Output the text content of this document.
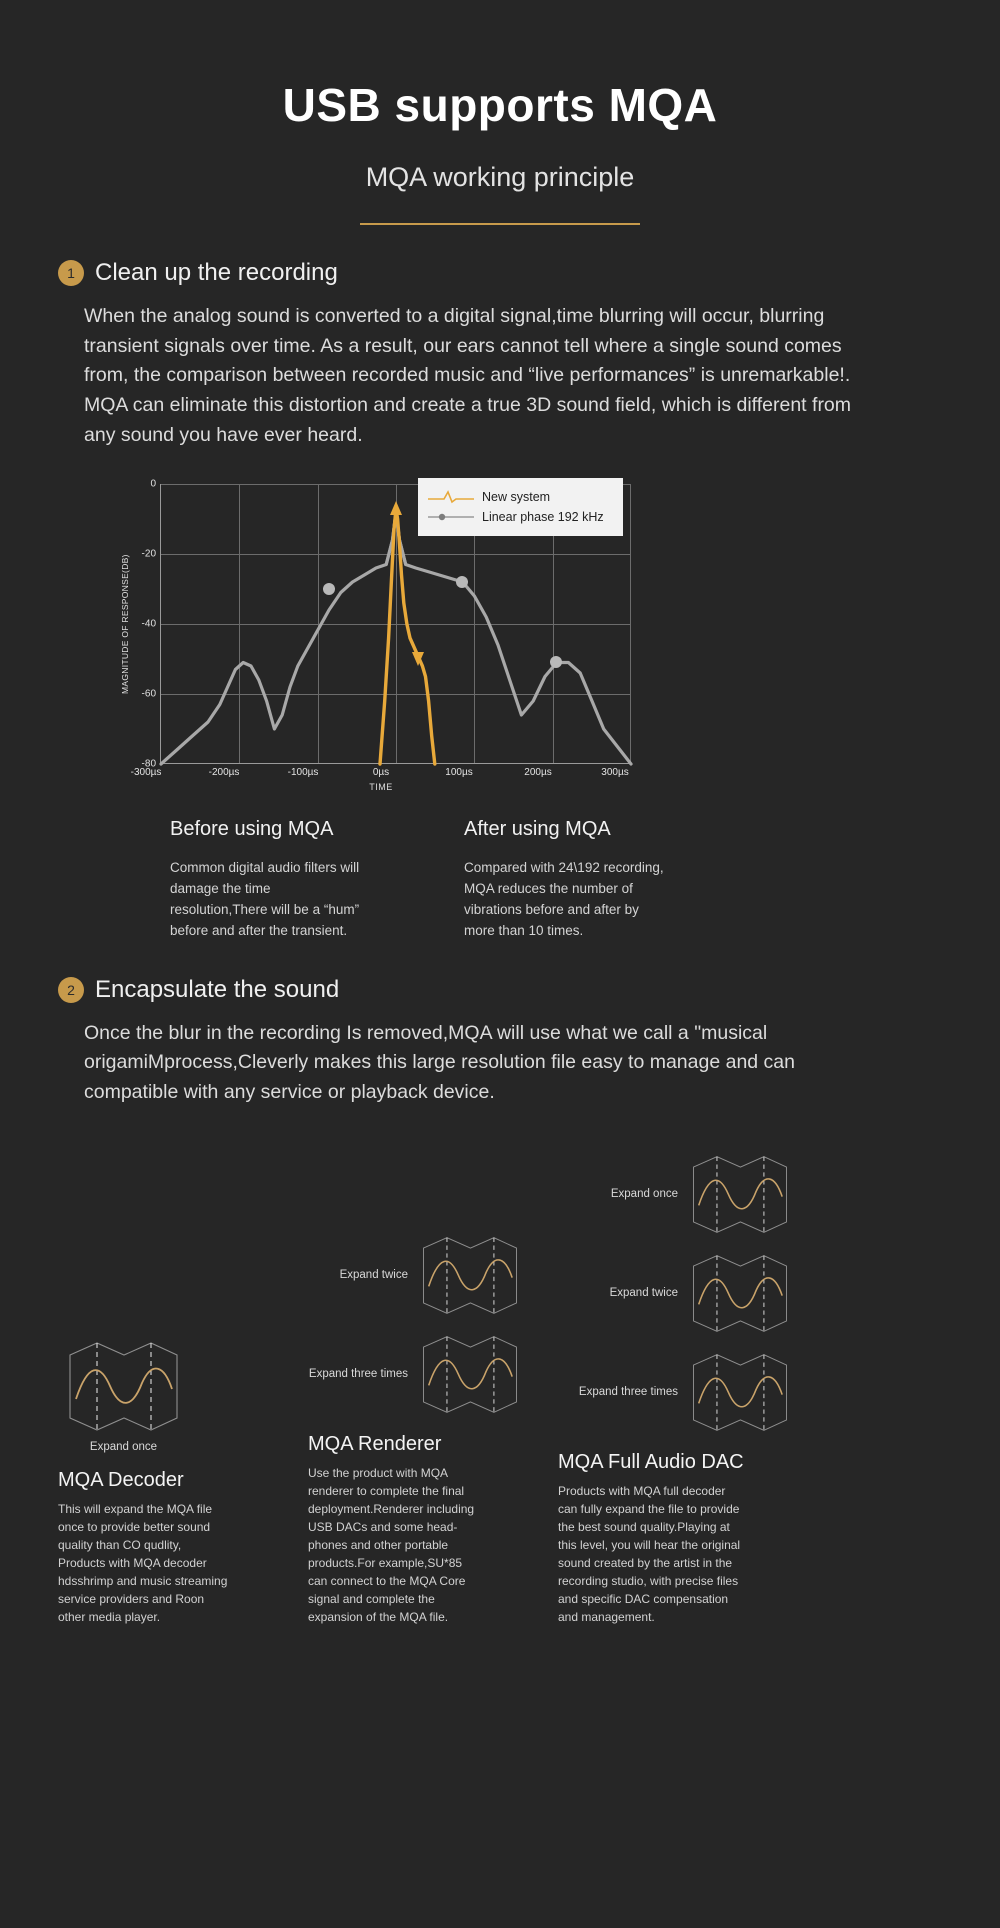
USB supports MQA
MQA working principle
1 Clean up the recording
When the analog sound is converted to a digital signal,time blurring will occur, blurring transient signals over time. As a result, our ears cannot tell where a single sound comes from, the comparison between recorded music and “live performances” is unremarkable!. MQA can eliminate this distortion and create a true 3D sound field, which is different from any sound you have ever heard.
MAGNITUDE OF RESPONSE(DB)
0
-20
-40
-60
-80
-300µs	-200µs	-100µs	0µs	100µs	200µs	300µs
TIME
New system
Linear phase 192 kHz
Before using MQA
Common digital audio filters will damage the time resolution,There will be a “hum” before and after the transient.
After using MQA
Compared with 24\192 recording, MQA reduces the number of vibrations before and after by more than 10 times.
2 Encapsulate the sound
Once the blur in the recording Is removed,MQA will use what we call a "musical origamiMprocess,Cleverly makes this large resolution file easy to manage and can compatible with any service or playback device.
Expand once
MQA Decoder
This will expand the MQA file once to provide better sound quality than CO qudlity, Products with MQA decoder hdsshrimp and music streaming service providers and Roon other media player.
Expand twice
Expand three times
MQA Renderer
Use the product with MQA renderer to complete the final deployment.Renderer including USB DACs and some head-phones and other portable products.For example,SU*85 can connect to the MQA Core signal and complete the expansion of the MQA file.
Expand once
Expand twice
Expand three times
MQA Full Audio DAC
Products with MQA full decoder can fully expand the file to provide the best sound quality.Playing at this level, you will hear the original sound created by the artist in the recording studio, with precise files and specific DAC compensation and management.
